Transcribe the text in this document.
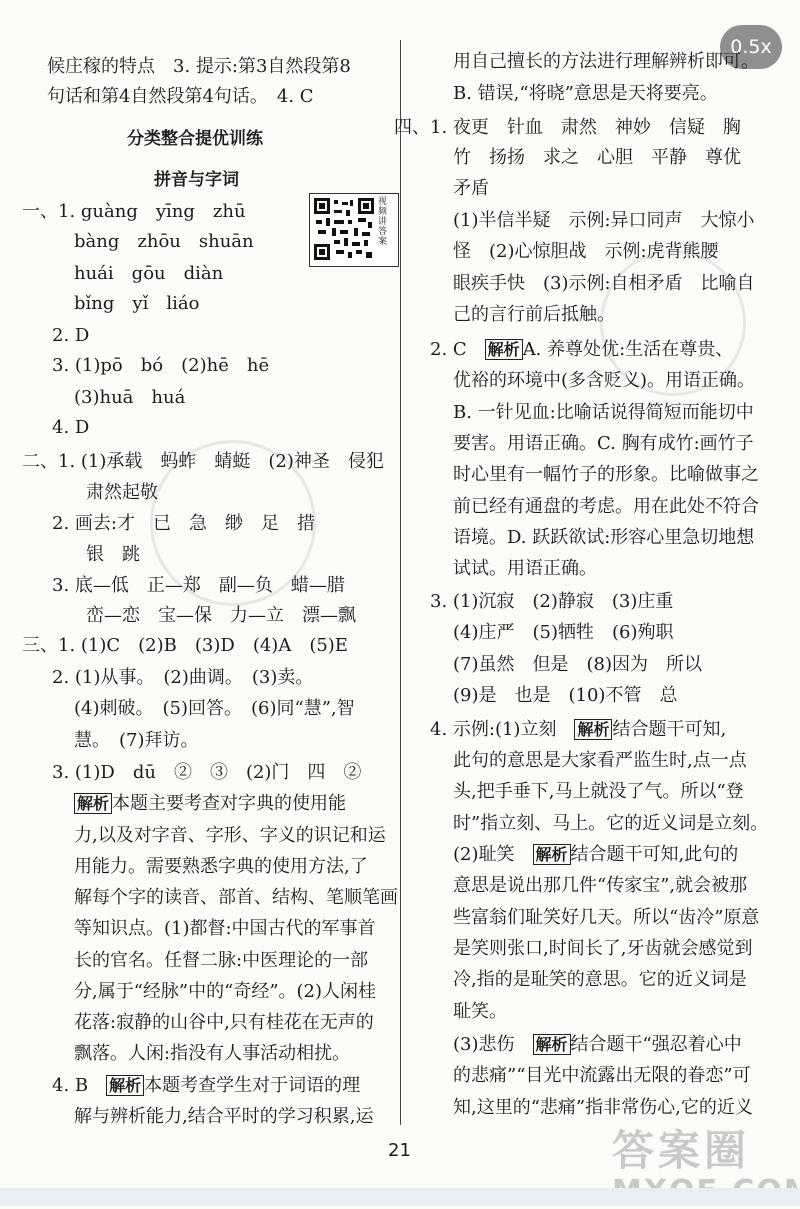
0.5x
候庄稼的特点　3. 提示:第3自然段第8
句话和第4自然段第4句话。　4. C
分类整合提优训练
拼音与字词
一、1. guàng　yīng　zhū
bàng　zhōu　shuān
huái　gōu　diàn
bǐng　yǐ　liáo
视频讲答案
2. D
3. (1)pō　bó　(2)hē　hē
(3)huā　huá
4. D
二、1. (1)承载　蚂蚱　蜻蜓　(2)神圣　侵犯
肃然起敬
2. 画去:才　已　急　缈　足　措
银　跳
3. 底—低　正—郑　副—负　蜡—腊
峦—恋　宝—保　力—立　漂—飘
三、1. (1)C　(2)B　(3)D　(4)A　(5)E
2. (1)从事。　(2)曲调。　(3)卖。
(4)刺破。　(5)回答。　(6)同“慧”,智
慧。　(7)拜访。
3. (1)D　dū　②　③　(2)门　四　②
解析 本题主要考查对字典的使用能
力,以及对字音、字形、字义的识记和运
用能力。需要熟悉字典的使用方法,了
解每个字的读音、部首、结构、笔顺笔画
等知识点。(1)都督:中国古代的军事首
长的官名。任督二脉:中医理论的一部
分,属于“经脉”中的“奇经”。(2)人闲桂
花落:寂静的山谷中,只有桂花在无声的
飘落。人闲:指没有人事活动相扰。
4. B　解析 本题考查学生对于词语的理
解与辨析能力,结合平时的学习积累,运
用自己擅长的方法进行理解辨析即可。
B. 错误,“将晓”意思是天将要亮。
四、1. 夜更　针血　肃然　神妙　信疑　胸
竹　扬扬　求之　心胆　平静　尊优
矛盾
(1)半信半疑　示例:异口同声　大惊小
怪　(2)心惊胆战　示例:虎背熊腰
眼疾手快　(3)示例:自相矛盾　比喻自
己的言行前后抵触。
2. C　解析 A. 养尊处优:生活在尊贵、
优裕的环境中(多含贬义)。用语正确。
B. 一针见血:比喻话说得简短而能切中
要害。用语正确。C. 胸有成竹:画竹子
时心里有一幅竹子的形象。比喻做事之
前已经有通盘的考虑。用在此处不符合
语境。D. 跃跃欲试:形容心里急切地想
试试。用语正确。
3. (1)沉寂　(2)静寂　(3)庄重
(4)庄严　(5)牺牲　(6)殉职
(7)虽然　但是　(8)因为　所以
(9)是　也是　(10)不管　总
4. 示例:(1)立刻　解析 结合题干可知,
此句的意思是大家看严监生时,点一点
头,把手垂下,马上就没了气。所以“登
时”指立刻、马上。它的近义词是立刻。
(2)耻笑　解析 结合题干可知,此句的
意思是说出那几件“传家宝”,就会被那
些富翁们耻笑好几天。所以“齿冷”原意
是笑则张口,时间长了,牙齿就会感觉到
冷,指的是耻笑的意思。它的近义词是
耻笑。
(3)悲伤　解析 结合题干“强忍着心中
的悲痛”“目光中流露出无限的眷恋”可
知,这里的“悲痛”指非常伤心,它的近义
21	答案圈
